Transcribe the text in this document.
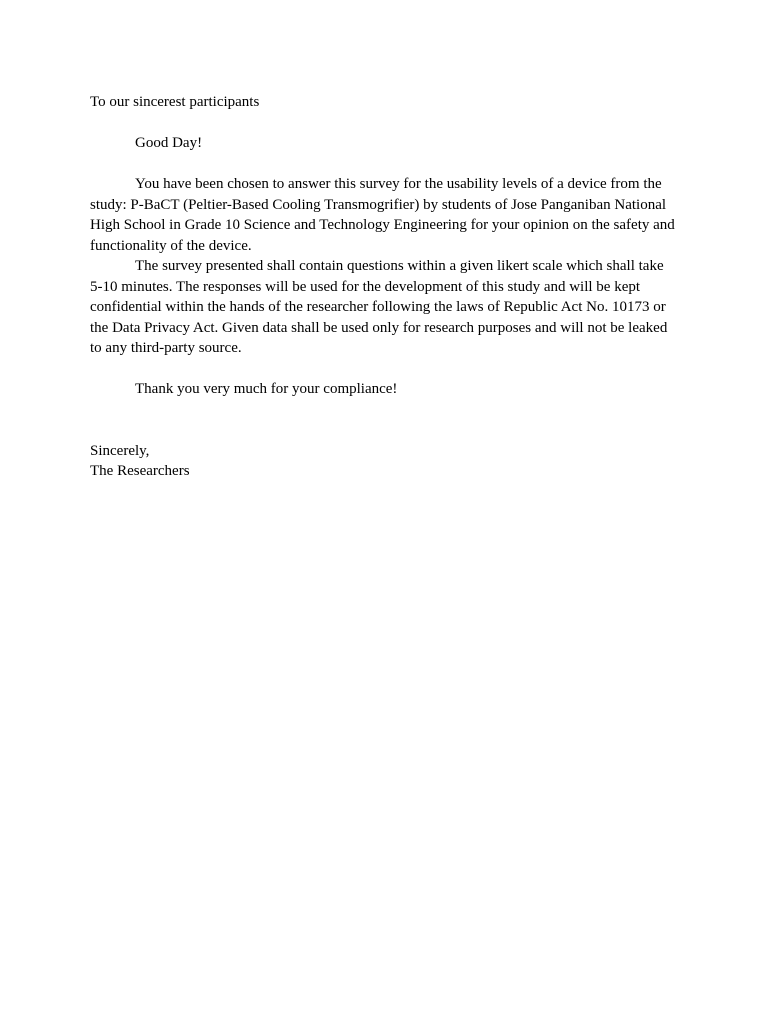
To our sincerest participants

Good Day!

You have been chosen to answer this survey for the usability levels of a device from the study: P-BaCT (Peltier-Based Cooling Transmogrifier) by students of Jose Panganiban National High School in Grade 10 Science and Technology Engineering for your opinion on the safety and functionality of the device.

The survey presented shall contain questions within a given likert scale which shall take 5-10 minutes. The responses will be used for the development of this study and will be kept confidential within the hands of the researcher following the laws of Republic Act No. 10173 or the Data Privacy Act. Given data shall be used only for research purposes and will not be leaked to any third-party source.

Thank you very much for your compliance!

Sincerely,

The Researchers
